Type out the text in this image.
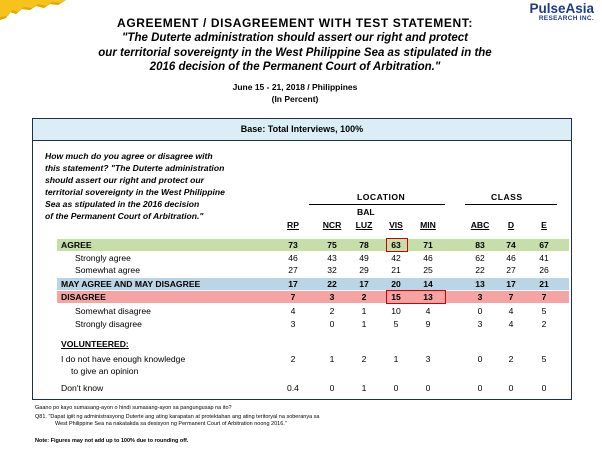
PulseAsia
RESEARCH INC.
AGREEMENT / DISAGREEMENT WITH TEST STATEMENT:
"The Duterte administration should assert our right and protect
our territorial sovereignty in the West Philippine Sea as stipulated in the
2016 decision of the Permanent Court of Arbitration."
June 15 - 21, 2018 / Philippines
(In Percent)
Base: Total Interviews, 100%
How much do you agree or disagree with
this statement? "The Duterte administration
should assert our right and protect our
territorial sovereignty in the West Philippine
Sea as stipulated in the 2016 decision
of the Permanent Court of Arbitration."
LOCATION	CLASS
BAL
RP	NCR	LUZ	VIS	MIN	ABC	D	E
AGREE	73	75	78	63	71	83	74	67
Strongly agree	46	43	49	42	46	62	46	41
Somewhat agree	27	32	29	21	25	22	27	26
MAY AGREE AND MAY DISAGREE	17	22	17	20	14	13	17	21
DISAGREE	7	3	2	15	13	3	7	7
Somewhat disagree	4	2	1	10	4	0	4	5
Strongly disagree	3	0	1	5	9	3	4	2
VOLUNTEERED:
I do not have enough knowledge	2	1	2	1	3	0	2	5
to give an opinion
Don't know	0.4	0	1	0	0	0	0	0
Gaano po kayo sumasang-ayon o hindi sumasang-ayon sa pangungusap na ito?
Q81. "Dapat igiit ng administrasyong Duterte ang ating karapatan at protektahan ang ating teritoryal na soberanya sa
West Philippine Sea na nakatakda sa desisyon ng Permanent Court of Arbitration noong 2016."
Note: Figures may not add up to 100% due to rounding off.
